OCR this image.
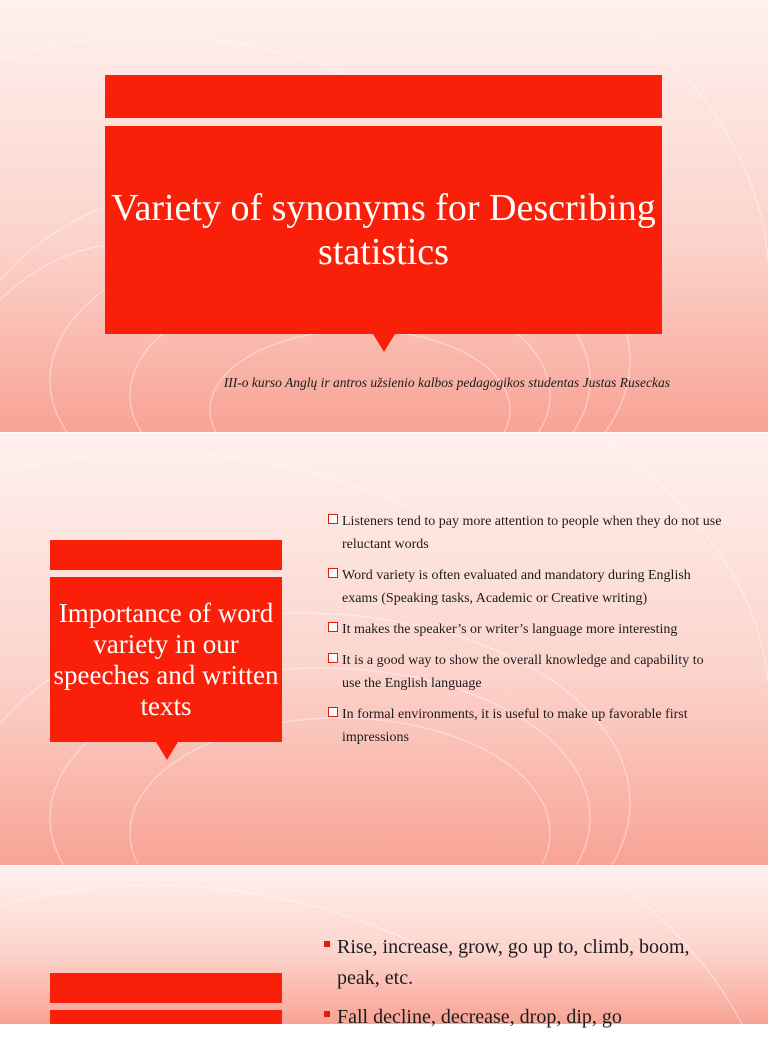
Variety of synonyms for Describing statistics
III-o kurso Anglų ir antros užsienio kalbos pedagogikos studentas Justas Ruseckas
Importance of word variety in our speeches and written texts
Listeners tend to pay more attention to people when they do not use reluctant words
Word variety is often evaluated and mandatory during English exams (Speaking tasks, Academic or Creative writing)
It makes the speaker’s or writer’s language more interesting
It is a good way to show the overall knowledge and capability to use the English language
In formal environments, it is useful to make up favorable first impressions
Rise, increase, grow, go up to, climb, boom, peak, etc.
Fall decline, decrease, drop, dip, go
